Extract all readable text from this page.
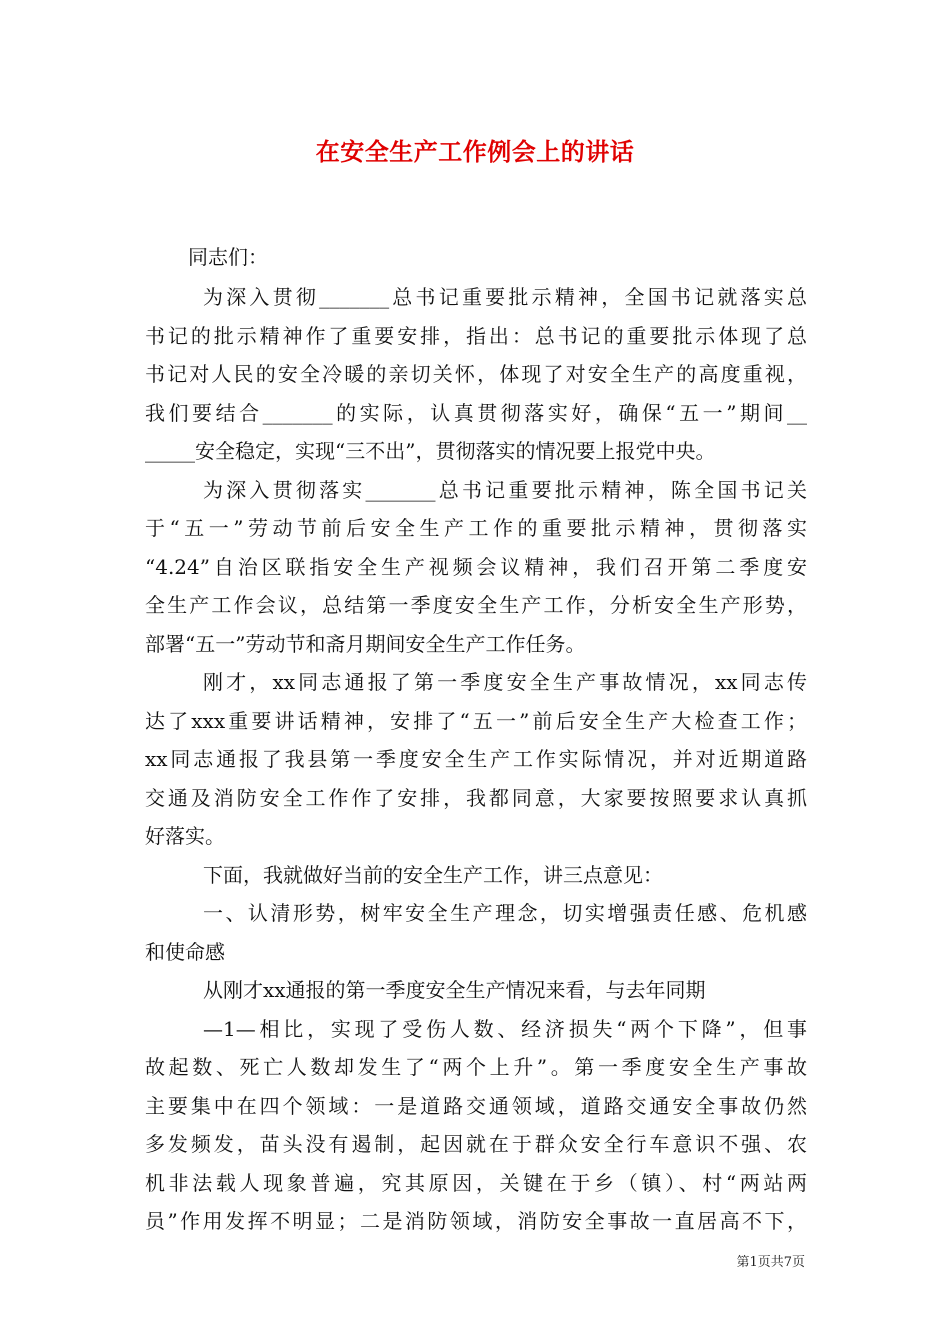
在安全生产工作例会上的讲话

同志们：

为深入贯彻_______总书记重要批示精神，全国书记就落实总

书记的批示精神作了重要安排，指出：总书记的重要批示体现了总

书记对人民的安全冷暖的亲切关怀，体现了对安全生产的高度重视，

我们要结合_______的实际，认真贯彻落实好，确保“五一”期间__

_____安全稳定，实现“三不出”，贯彻落实的情况要上报党中央。

为深入贯彻落实_______总书记重要批示精神，陈全国书记关

于“五一”劳动节前后安全生产工作的重要批示精神，贯彻落实

“4.24”自治区联指安全生产视频会议精神，我们召开第二季度安

全生产工作会议，总结第一季度安全生产工作，分析安全生产形势，

部署“五一”劳动节和斋月期间安全生产工作任务。

刚才，xx同志通报了第一季度安全生产事故情况，xx同志传

达了xxx重要讲话精神，安排了“五一”前后安全生产大检查工作；

xx同志通报了我县第一季度安全生产工作实际情况，并对近期道路

交通及消防安全工作作了安排，我都同意，大家要按照要求认真抓

好落实。

下面，我就做好当前的安全生产工作，讲三点意见：

一、认清形势，树牢安全生产理念，切实增强责任感、危机感

和使命感

从刚才xx通报的第一季度安全生产情况来看，与去年同期

—1—相比，实现了受伤人数、经济损失“两个下降”，但事

故起数、死亡人数却发生了“两个上升”。第一季度安全生产事故

主要集中在四个领域：一是道路交通领域，道路交通安全事故仍然

多发频发，苗头没有遏制，起因就在于群众安全行车意识不强、农

机非法载人现象普遍，究其原因，关键在于乡（镇）、村“两站两

员”作用发挥不明显；二是消防领域，消防安全事故一直居高不下，

第1页共7页
